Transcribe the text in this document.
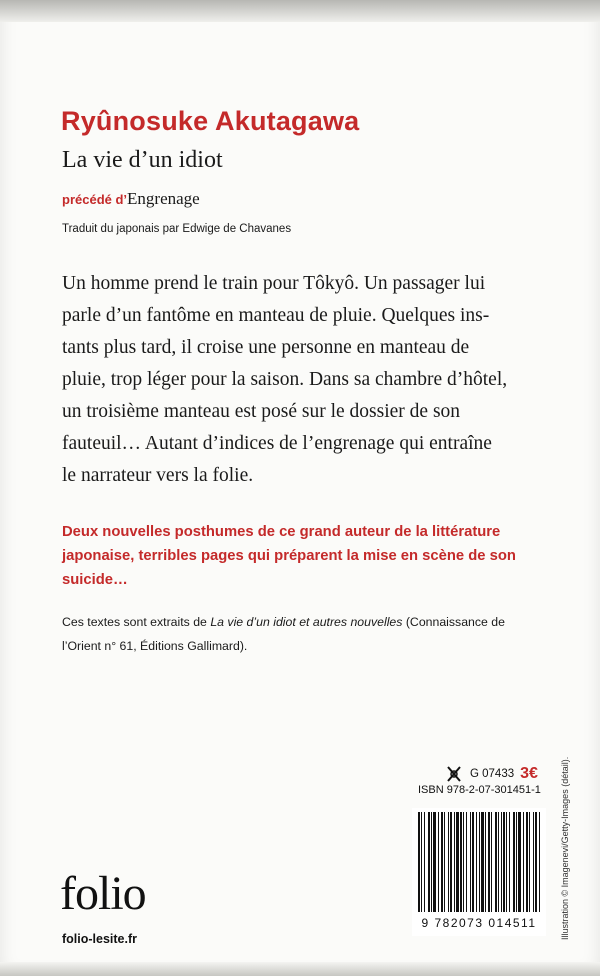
Ryûnosuke Akutagawa
La vie d’un idiot
précédé d’Engrenage
Traduit du japonais par Edwige de Chavanes
Un homme prend le train pour Tôkyô. Un passager lui
parle d’un fantôme en manteau de pluie. Quelques ins-
tants plus tard, il croise une personne en manteau de
pluie, trop léger pour la saison. Dans sa chambre d’hôtel,
un troisième manteau est posé sur le dossier de son
fauteuil… Autant d’indices de l’engrenage qui entraîne
le narrateur vers la folie.
Deux nouvelles posthumes de ce grand auteur de la littérature
japonaise, terribles pages qui préparent la mise en scène de son
suicide…
Ces textes sont extraits de La vie d’un idiot et autres nouvelles (Connaissance de
l’Orient n° 61, Éditions Gallimard).
Illustration © Imagenevi/Getty-Images (détail).
folio
folio-lesite.fr
G 07433 3€
ISBN 978-2-07-301451-1
9 782073 014511
